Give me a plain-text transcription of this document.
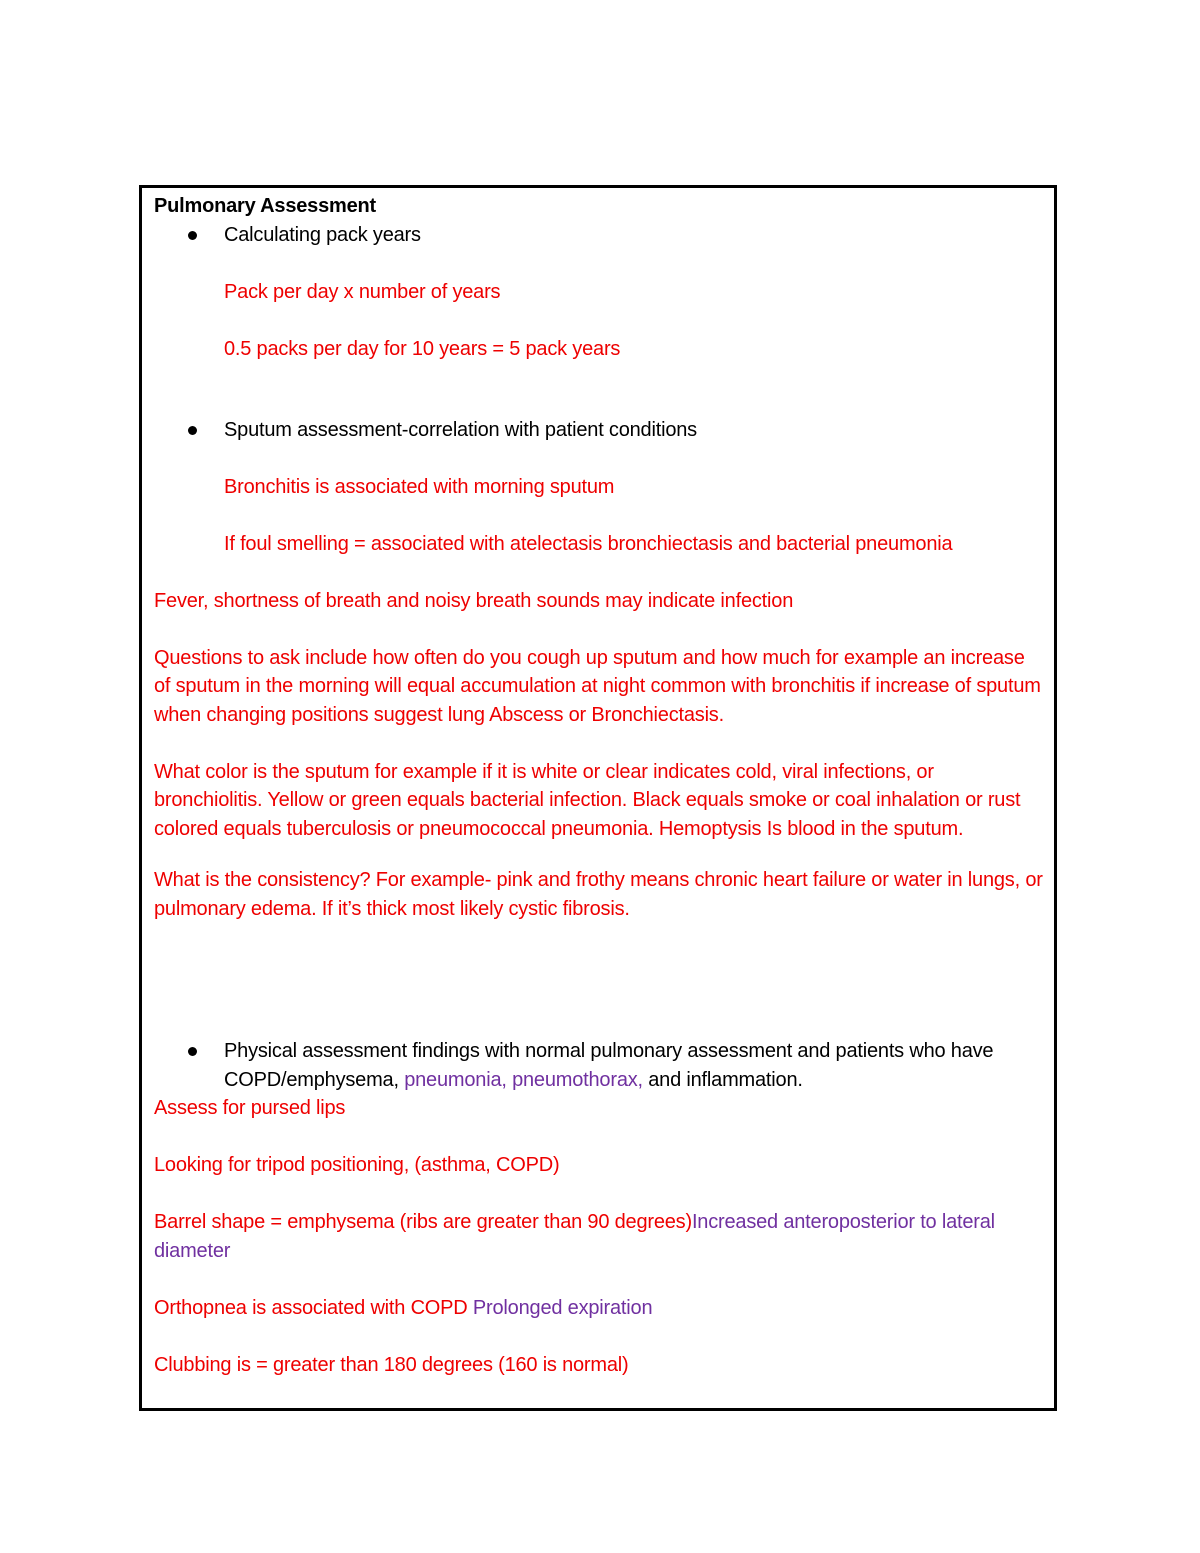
Pulmonary Assessment

Calculating pack years

Pack per day x number of years

0.5 packs per day for 10 years = 5 pack years

Sputum assessment-correlation with patient conditions

Bronchitis is associated with morning sputum

If foul smelling = associated with atelectasis bronchiectasis and bacterial pneumonia

Fever, shortness of breath and noisy breath sounds may indicate infection

Questions to ask include how often do you cough up sputum and how much for example an increase of sputum in the morning will equal accumulation at night common with bronchitis if increase of sputum when changing positions suggest lung Abscess or Bronchiectasis.

What color is the sputum for example if it is white or clear indicates cold, viral infections, or bronchiolitis. Yellow or green equals bacterial infection. Black equals smoke or coal inhalation or rust colored equals tuberculosis or pneumococcal pneumonia. Hemoptysis Is blood in the sputum.

What is the consistency? For example- pink and frothy means chronic heart failure or water in lungs, or pulmonary edema. If it’s thick most likely cystic fibrosis.

Physical assessment findings with normal pulmonary assessment and patients who have COPD/emphysema, pneumonia, pneumothorax, and inflammation.

Assess for pursed lips

Looking for tripod positioning, (asthma, COPD)

Barrel shape = emphysema (ribs are greater than 90 degrees)Increased anteroposterior to lateral diameter

Orthopnea is associated with COPD Prolonged expiration

Clubbing is = greater than 180 degrees (160 is normal)
